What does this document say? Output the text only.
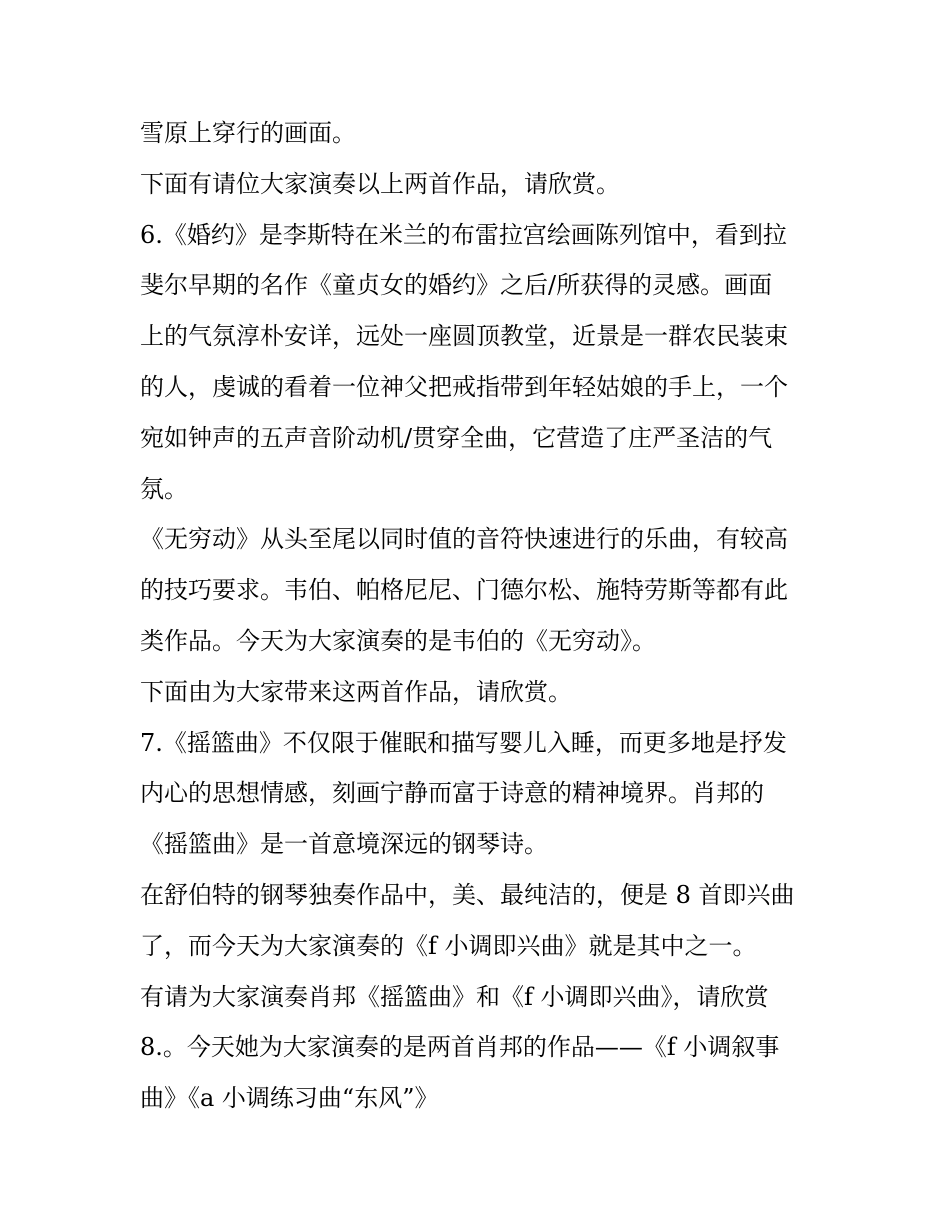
雪原上穿行的画面。
下面有请位大家演奏以上两首作品，请欣赏。
6.《婚约》是李斯特在米兰的布雷拉宫绘画陈列馆中，看到拉
斐尔早期的名作《童贞女的婚约》之后/所获得的灵感。画面
上的气氛淳朴安详，远处一座圆顶教堂，近景是一群农民装束
的人，虔诚的看着一位神父把戒指带到年轻姑娘的手上，一个
宛如钟声的五声音阶动机/贯穿全曲，它营造了庄严圣洁的气
氛。
《无穷动》从头至尾以同时值的音符快速进行的乐曲，有较高
的技巧要求。韦伯、帕格尼尼、门德尔松、施特劳斯等都有此
类作品。今天为大家演奏的是韦伯的《无穷动》。
下面由为大家带来这两首作品，请欣赏。
7.《摇篮曲》不仅限于催眠和描写婴儿入睡，而更多地是抒发
内心的思想情感，刻画宁静而富于诗意的精神境界。肖邦的
《摇篮曲》是一首意境深远的钢琴诗。
在舒伯特的钢琴独奏作品中，美、最纯洁的，便是 8 首即兴曲
了，而今天为大家演奏的《f 小调即兴曲》就是其中之一。
有请为大家演奏肖邦《摇篮曲》和《f 小调即兴曲》，请欣赏
8.。今天她为大家演奏的是两首肖邦的作品——《f 小调叙事
曲》《a 小调练习曲“东风”》
